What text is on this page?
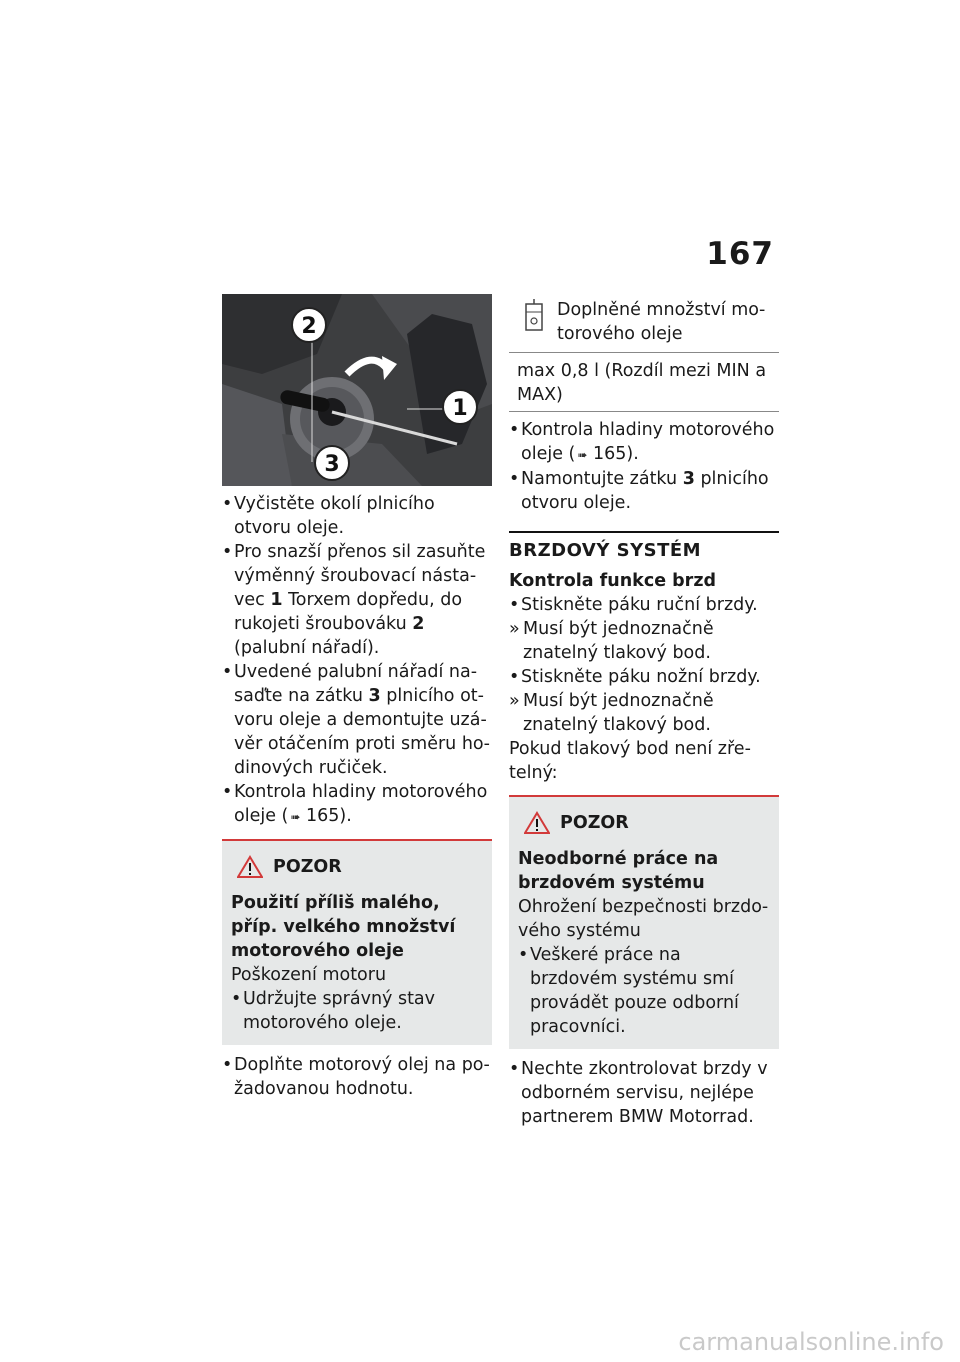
167
2
1
3
• Vyčistěte okolí plnicího otvoru oleje.
• Pro snazší přenos sil zasuňte výměnný šroubovací nástavec 1 Torxem dopředu, do rukojeti šroubováku 2 (palubní nářadí).
• Uvedené palubní nářadí nasaďte na zátku 3 plnicího otvoru oleje a demontujte uzávěr otáčením proti směru hodinových ručiček.
• Kontrola hladiny motorového oleje ( ➠ 165).
POZOR
Použití příliš malého, příp. velkého množství motorového oleje
Poškození motoru
• Udržujte správný stav motorového oleje.
• Doplňte motorový olej na požadovanou hodnotu.
Doplněné množství motorového oleje
max 0,8 l (Rozdíl mezi MIN a MAX)
• Kontrola hladiny motorového oleje ( ➠ 165).
• Namontujte zátku 3 plnicího otvoru oleje.
BRZDOVÝ SYSTÉM
Kontrola funkce brzd
• Stiskněte páku ruční brzdy.
» Musí být jednoznačně znatelný tlakový bod.
• Stiskněte páku nožní brzdy.
» Musí být jednoznačně znatelný tlakový bod.

Pokud tlakový bod není zřetelný:

POZOR
Neodborné práce na brzdovém systému
Ohrožení bezpečnosti brzdového systému
• Veškeré práce na brzdovém systému smí provádět pouze odborní pracovníci.
• Nechte zkontrolovat brzdy v odborném servisu, nejlépe partnerem BMW Motorrad.
carmanualsonline.info
